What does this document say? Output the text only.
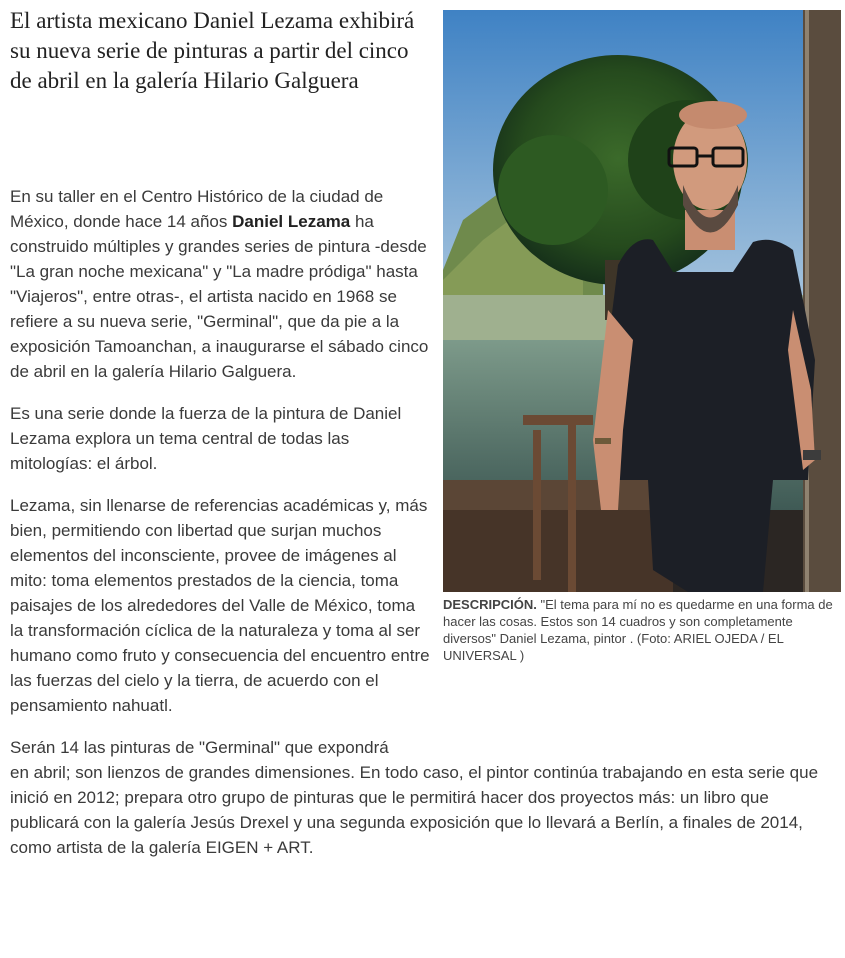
El artista mexicano Daniel Lezama exhibirá su nueva serie de pinturas a partir del cinco de abril en la galería Hilario Galguera

DESCRIPCIÓN. "El tema para mí no es quedarme en una forma de hacer las cosas. Estos son 14 cuadros y son completamente diversos" Daniel Lezama, pintor . (Foto: ARIEL OJEDA / EL UNIVERSAL )

En su taller en el Centro Histórico de la ciudad de México, donde hace 14 años Daniel Lezama ha construido múltiples y grandes series de pintura -desde "La gran noche mexicana" y "La madre pródiga" hasta "Viajeros", entre otras-, el artista nacido en 1968 se refiere a su nueva serie, "Germinal", que da pie a la exposición Tamoanchan, a inaugurarse el sábado cinco de abril en la galería Hilario Galguera.

Es una serie donde la fuerza de la pintura de Daniel Lezama explora un tema central de todas las mitologías: el árbol.

Lezama, sin llenarse de referencias académicas y, más bien, permitiendo con libertad que surjan muchos elementos del inconsciente, provee de imágenes al mito: toma elementos prestados de la ciencia, toma paisajes de los alrededores del Valle de México, toma la transformación cíclica de la naturaleza y toma al ser humano como fruto y consecuencia del encuentro entre las fuerzas del cielo y la tierra, de acuerdo con el pensamiento nahuatl.

Serán 14 las pinturas de "Germinal" que expondrá
en abril; son lienzos de grandes dimensiones. En todo caso, el pintor continúa trabajando en esta serie que inició en 2012; prepara otro grupo de pinturas que le permitirá hacer dos proyectos más: un libro que publicará con la galería Jesús Drexel y una segunda exposición que lo llevará a Berlín, a finales de 2014, como artista de la galería EIGEN + ART.
